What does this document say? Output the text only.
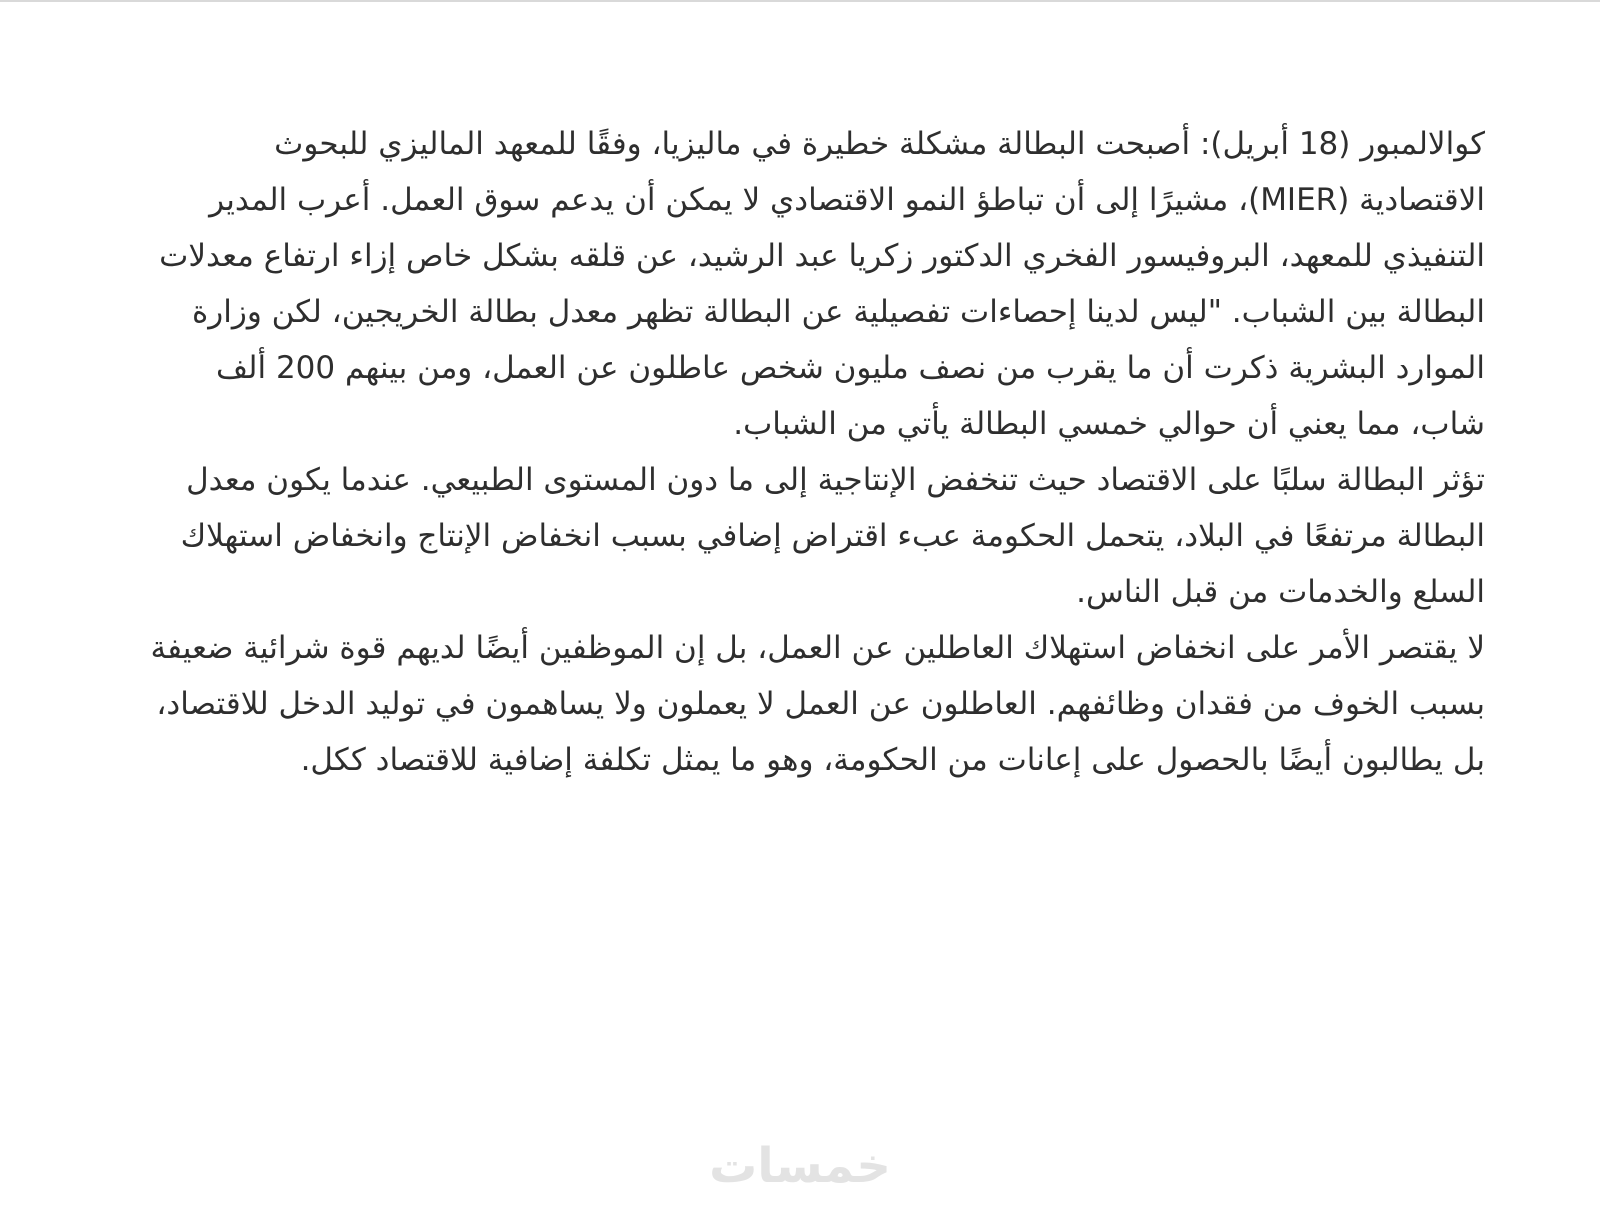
كوالالمبور (18 أبريل): أصبحت البطالة مشكلة خطيرة في ماليزيا، وفقًا للمعهد الماليزي للبحوث الاقتصادية (MIER)، مشيرًا إلى أن تباطؤ النمو الاقتصادي لا يمكن أن يدعم سوق العمل. أعرب المدير التنفيذي للمعهد، البروفيسور الفخري الدكتور زكريا عبد الرشيد، عن قلقه بشكل خاص إزاء ارتفاع معدلات البطالة بين الشباب. "ليس لدينا إحصاءات تفصيلية عن البطالة تظهر معدل بطالة الخريجين، لكن وزارة الموارد البشرية ذكرت أن ما يقرب من نصف مليون شخص عاطلون عن العمل، ومن بينهم 200 ألف شاب، مما يعني أن حوالي خمسي البطالة يأتي من الشباب.

تؤثر البطالة سلبًا على الاقتصاد حيث تنخفض الإنتاجية إلى ما دون المستوى الطبيعي. عندما يكون معدل البطالة مرتفعًا في البلاد، يتحمل الحكومة عبء اقتراض إضافي بسبب انخفاض الإنتاج وانخفاض استهلاك السلع والخدمات من قبل الناس.

لا يقتصر الأمر على انخفاض استهلاك العاطلين عن العمل، بل إن الموظفين أيضًا لديهم قوة شرائية ضعيفة بسبب الخوف من فقدان وظائفهم. العاطلون عن العمل لا يعملون ولا يساهمون في توليد الدخل للاقتصاد، بل يطالبون أيضًا بالحصول على إعانات من الحكومة، وهو ما يمثل تكلفة إضافية للاقتصاد ككل.

خمسات
